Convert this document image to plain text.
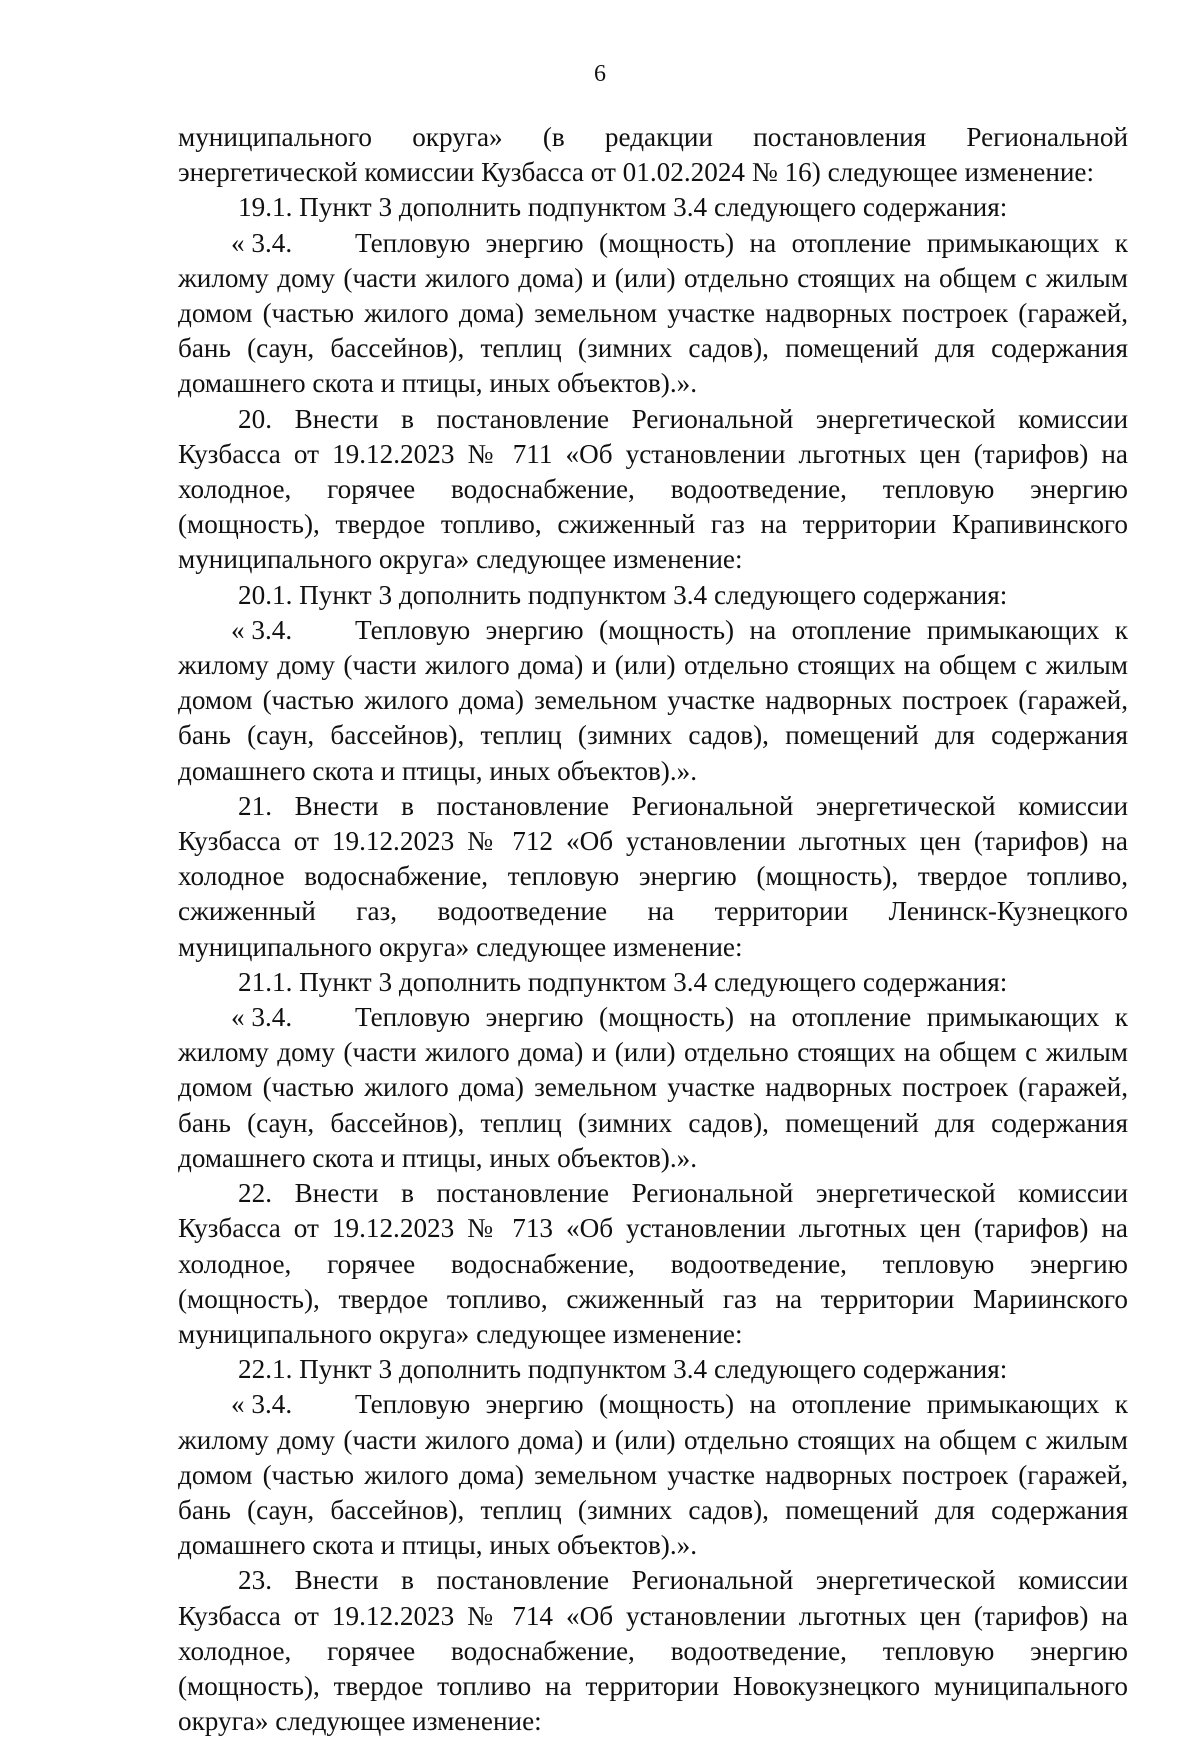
6

муниципального округа» (в редакции постановления Региональной энергетической комиссии Кузбасса от 01.02.2024 № 16) следующее изменение:

19.1. Пункт 3 дополнить подпунктом 3.4 следующего содержания:

« 3.4. Тепловую энергию (мощность) на отопление примыкающих к жилому дому (части жилого дома) и (или) отдельно стоящих на общем с жилым домом (частью жилого дома) земельном участке надворных построек (гаражей, бань (саун, бассейнов), теплиц (зимних садов), помещений для содержания домашнего скота и птицы, иных объектов).».

20. Внести в постановление Региональной энергетической комиссии Кузбасса от 19.12.2023 № 711 «Об установлении льготных цен (тарифов) на холодное, горячее водоснабжение, водоотведение, тепловую энергию (мощность), твердое топливо, сжиженный газ на территории Крапивинского муниципального округа» следующее изменение:

20.1. Пункт 3 дополнить подпунктом 3.4 следующего содержания:

« 3.4. Тепловую энергию (мощность) на отопление примыкающих к жилому дому (части жилого дома) и (или) отдельно стоящих на общем с жилым домом (частью жилого дома) земельном участке надворных построек (гаражей, бань (саун, бассейнов), теплиц (зимних садов), помещений для содержания домашнего скота и птицы, иных объектов).».

21. Внести в постановление Региональной энергетической комиссии Кузбасса от 19.12.2023 № 712 «Об установлении льготных цен (тарифов) на холодное водоснабжение, тепловую энергию (мощность), твердое топливо, сжиженный газ, водоотведение на территории Ленинск-Кузнецкого муниципального округа» следующее изменение:

21.1. Пункт 3 дополнить подпунктом 3.4 следующего содержания:

« 3.4. Тепловую энергию (мощность) на отопление примыкающих к жилому дому (части жилого дома) и (или) отдельно стоящих на общем с жилым домом (частью жилого дома) земельном участке надворных построек (гаражей, бань (саун, бассейнов), теплиц (зимних садов), помещений для содержания домашнего скота и птицы, иных объектов).».

22. Внести в постановление Региональной энергетической комиссии Кузбасса от 19.12.2023 № 713 «Об установлении льготных цен (тарифов) на холодное, горячее водоснабжение, водоотведение, тепловую энергию (мощность), твердое топливо, сжиженный газ на территории Мариинского муниципального округа» следующее изменение:

22.1. Пункт 3 дополнить подпунктом 3.4 следующего содержания:

« 3.4. Тепловую энергию (мощность) на отопление примыкающих к жилому дому (части жилого дома) и (или) отдельно стоящих на общем с жилым домом (частью жилого дома) земельном участке надворных построек (гаражей, бань (саун, бассейнов), теплиц (зимних садов), помещений для содержания домашнего скота и птицы, иных объектов).».

23. Внести в постановление Региональной энергетической комиссии Кузбасса от 19.12.2023 № 714 «Об установлении льготных цен (тарифов) на холодное, горячее водоснабжение, водоотведение, тепловую энергию (мощность), твердое топливо на территории Новокузнецкого муниципального округа» следующее изменение:
